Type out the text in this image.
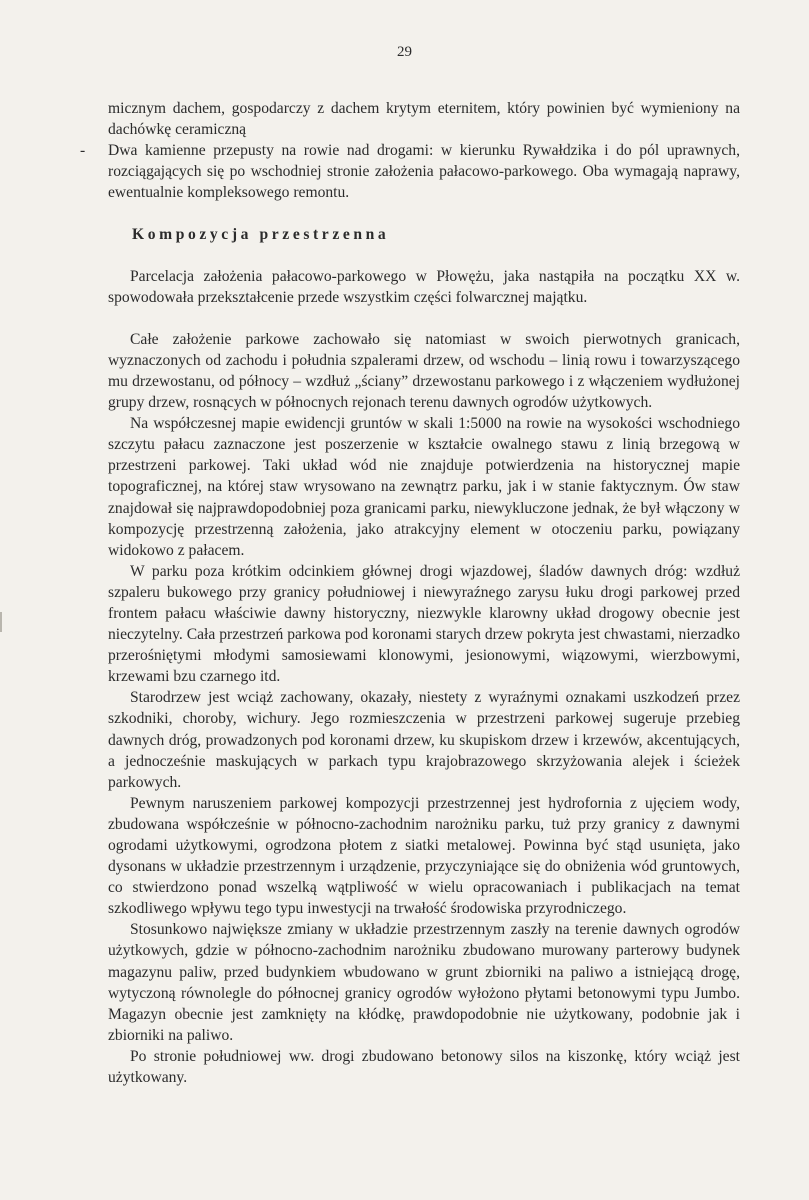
29

micznym dachem, gospodarczy z dachem krytym eternitem, który powinien być wymieniony na dachówkę ceramiczną

- Dwa kamienne przepusty na rowie nad drogami: w kierunku Rywałdzika i do pól uprawnych, rozciągających się po wschodniej stronie założenia pałacowo-parkowego. Oba wymagają naprawy, ewentualnie kompleksowego remontu.

Kompozycja przestrzenna

Parcelacja założenia pałacowo-parkowego w Płowężu, jaka nastąpiła na początku XX w. spowodowała przekształcenie przede wszystkim części folwarcznej majątku.

Całe założenie parkowe zachowało się natomiast w swoich pierwotnych granicach, wyznaczonych od zachodu i południa szpalerami drzew, od wschodu – linią rowu i towarzyszącego mu drzewostanu, od północy – wzdłuż „ściany” drzewostanu parkowego i z włączeniem wydłużonej grupy drzew, rosnących w północnych rejonach terenu dawnych ogrodów użytkowych.

Na współczesnej mapie ewidencji gruntów w skali 1:5000 na rowie na wysokości wschodniego szczytu pałacu zaznaczone jest poszerzenie w kształcie owalnego stawu z linią brzegową w przestrzeni parkowej. Taki układ wód nie znajduje potwierdzenia na historycznej mapie topograficznej, na której staw wrysowano na zewnątrz parku, jak i w stanie faktycznym. Ów staw znajdował się najprawdopodobniej poza granicami parku, niewykluczone jednak, że był włączony w kompozycję przestrzenną założenia, jako atrakcyjny element w otoczeniu parku, powiązany widokowo z pałacem.

W parku poza krótkim odcinkiem głównej drogi wjazdowej, śladów dawnych dróg: wzdłuż szpaleru bukowego przy granicy południowej i niewyraźnego zarysu łuku drogi parkowej przed frontem pałacu właściwie dawny historyczny, niezwykle klarowny układ drogowy obecnie jest nieczytelny. Cała przestrzeń parkowa pod koronami starych drzew pokryta jest chwastami, nierzadko przerośniętymi młodymi samosiewami klonowymi, jesionowymi, wiązowymi, wierzbowymi, krzewami bzu czarnego itd.

Starodrzew jest wciąż zachowany, okazały, niestety z wyraźnymi oznakami uszkodzeń przez szkodniki, choroby, wichury. Jego rozmieszczenia w przestrzeni parkowej sugeruje przebieg dawnych dróg, prowadzonych pod koronami drzew, ku skupiskom drzew i krzewów, akcentujących, a jednocześnie maskujących w parkach typu krajobrazowego skrzyżowania alejek i ścieżek parkowych.

Pewnym naruszeniem parkowej kompozycji przestrzennej jest hydrofornia z ujęciem wody, zbudowana współcześnie w północno-zachodnim narożniku parku, tuż przy granicy z dawnymi ogrodami użytkowymi, ogrodzona płotem z siatki metalowej. Powinna być stąd usunięta, jako dysonans w układzie przestrzennym i urządzenie, przyczyniające się do obniżenia wód gruntowych, co stwierdzono ponad wszelką wątpliwość w wielu opracowaniach i publikacjach na temat szkodliwego wpływu tego typu inwestycji na trwałość środowiska przyrodniczego.

Stosunkowo największe zmiany w układzie przestrzennym zaszły na terenie dawnych ogrodów użytkowych, gdzie w północno-zachodnim narożniku zbudowano murowany parterowy budynek magazynu paliw, przed budynkiem wbudowano w grunt zbiorniki na paliwo a istniejącą drogę, wytyczoną równolegle do północnej granicy ogrodów wyłożono płytami betonowymi typu Jumbo. Magazyn obecnie jest zamknięty na kłódkę, prawdopodobnie nie użytkowany, podobnie jak i zbiorniki na paliwo.

Po stronie południowej ww. drogi zbudowano betonowy silos na kiszonkę, który wciąż jest użytkowany.
